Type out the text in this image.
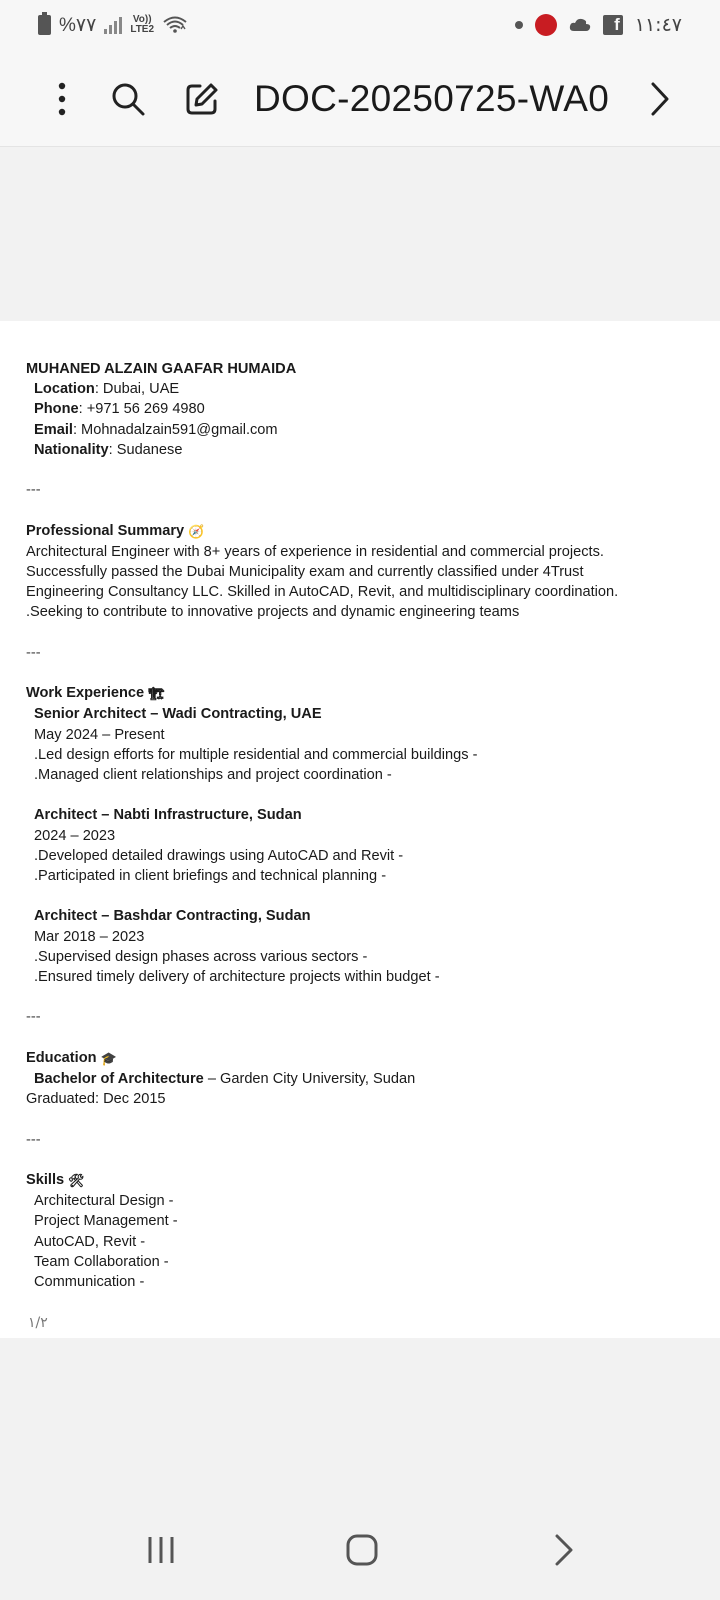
%٧٧	Vo))
LTE2	f ١١:٤٧
DOC-20250725-WA0
MUHANED ALZAIN GAAFAR HUMAIDA
Location: Dubai, UAE
Phone: +971 56 269 4980
Email: Mohnadalzain591@gmail.com
Nationality: Sudanese
---
Professional Summary 🧭
Architectural Engineer with 8+ years of experience in residential and commercial projects.
Successfully passed the Dubai Municipality exam and currently classified under 4Trust
Engineering Consultancy LLC. Skilled in AutoCAD, Revit, and multidisciplinary coordination.
.Seeking to contribute to innovative projects and dynamic engineering teams
---
Work Experience 🏗
Senior Architect – Wadi Contracting, UAE
May 2024 – Present
.Led design efforts for multiple residential and commercial buildings -
.Managed client relationships and project coordination -
Architect – Nabti Infrastructure, Sudan
2024 – 2023
.Developed detailed drawings using AutoCAD and Revit -
.Participated in client briefings and technical planning -
Architect – Bashdar Contracting, Sudan
Mar 2018 – 2023
.Supervised design phases across various sectors -
.Ensured timely delivery of architecture projects within budget -
---
Education 🎓
Bachelor of Architecture – Garden City University, Sudan
Graduated: Dec 2015
---
Skills 🛠
Architectural Design -
Project Management -
AutoCAD, Revit -
Team Collaboration -
Communication -
١/٢
